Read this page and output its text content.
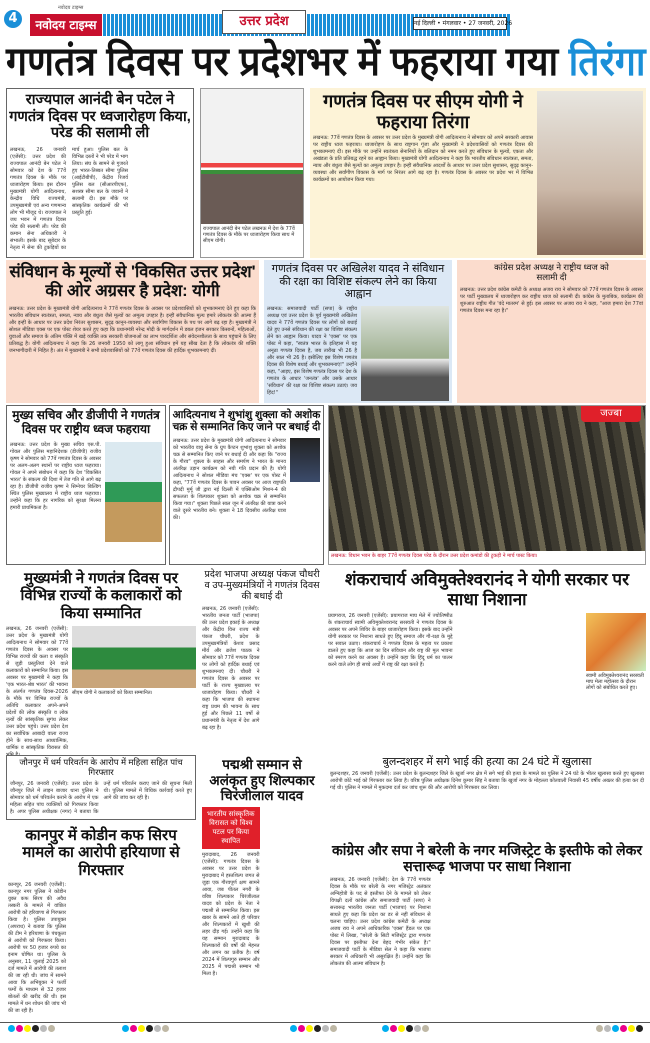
4
नवोदय टाइम्स
नवोदय टाइम्स	उत्तर प्रदेश	नई दिल्ली • मंगलवार • 27 जनवरी, 2026
गणतंत्र दिवस पर प्रदेशभर में फहराया गया तिरंगा
राज्यपाल आनंदी बेन पटेल ने गणतंत्र दिवस पर ध्वजारोहण किया, परेड की सलामी ली
लखनऊ, 26 जनवरी (एजेंसी): उत्तर प्रदेश की राज्यपाल आनंदी बेन पटेल ने सोमवार को देश के 77वें गणतंत्र दिवस के मौके पर ध्वजारोहण किया। इस दौरान मुख्यमंत्री योगी आदित्यनाथ, केन्द्रीय विधि राज्यमंत्री, उपमुख्यमंत्री एवं अन्य गणमान्य लोग भी मौजूद थे। राज्यपाल ने जय भवन में गणतंत्र दिवस परेड की सलामी ली। परेड की कमान सेना अधिकारी ने संभाली। इसके बाद सूबेदार के नेतृत्व में सेना की टुकड़ियों का मार्च हुआ। पुलिस बल के विभिन्न दस्तों ने भी परेड में भाग लिया। संघ के सामने से गुजरते हुए भारत-तिब्बत सीमा पुलिस (आईटीबीपी), केंद्रीय रिजर्व पुलिस बल (सीआरपीएफ), सशस्त्र सीमा बल के जवानों ने सलामी दी। इस मौके पर सांस्कृतिक कार्यक्रमों की भी प्रस्तुति हुई।
राज्यपाल आनंदी बेन पटेल लखनऊ में देश के 77वें गणतंत्र दिवस के मौके पर ध्वजारोहण किया साथ में सीएम योगी।
गणतंत्र दिवस पर सीएम योगी ने फहराया तिरंगा
लखनऊ: 77वें गणतंत्र दिवस के अवसर पर उत्तर प्रदेश के मुख्यमंत्री योगी आदित्यनाथ ने सोमवार को अपने सरकारी आवास पर राष्ट्रीय ध्वज फहराया। ध्वजारोहण के साथ राष्ट्रगान गूंजा और मुख्यमंत्री ने प्रदेशवासियों को गणतंत्र दिवस की शुभकामनाएं दीं। इस मौके पर उन्होंने स्वतंत्रता सेनानियों के बलिदान को नमन करते हुए संविधान के मूल्यों, एकता और अखंडता के प्रति प्रतिबद्ध रहने का आह्वान किया। मुख्यमंत्री योगी आदित्यनाथ ने कहा कि भारतीय संविधान स्वतंत्रता, समता, न्याय और बंधुता जैसे मूल्यों का अमूल्य उपहार है। इन्हीं संवैधानिक आदर्शों के आधार पर उत्तर प्रदेश सुशासन, सुदृढ़ कानून-व्यवस्था और सर्वांगीण विकास के मार्ग पर निरंतर आगे बढ़ रहा है। गणतंत्र दिवस के अवसर पर प्रदेश भर में विभिन्न कार्यक्रमों का आयोजन किया गया।
संविधान के मूल्यों से 'विकसित उत्तर प्रदेश' की ओर अग्रसर है प्रदेश: योगी
लखनऊ: उत्तर प्रदेश के मुख्यमंत्री योगी आदित्यनाथ ने 77वें गणतंत्र दिवस के अवसर पर प्रदेशवासियों को शुभकामनाएं देते हुए कहा कि भारतीय संविधान स्वतंत्रता, समता, न्याय और बंधुता जैसे मूल्यों का अमूल्य उपहार है। इन्हीं संवैधानिक मूल्य हमारे लोकतंत्र की आत्मा हैं और इन्हीं के आधार पर उत्तर प्रदेश निरंतर सुशासन, सुदृढ़ कानून-व्यवस्था और सर्वांगीण विकास के पथ पर आगे बढ़ रहा है। मुख्यमंत्री ने सोशल मीडिया एक्स पर एक पोस्ट शेयर करते हुए कहा कि प्रधानमंत्री नरेन्द्र मोदी के मार्गदर्शन में डबल इंजन सरकार किसानों, महिलाओं, युवाओं और समाज के अंतिम पंक्ति में खड़े व्यक्ति तक सरकारी योजनाओं का लाभ पारदर्शिता और संवेदनशीलता के साथ पहुंचाने के लिए प्रतिबद्ध है। योगी आदित्यनाथ ने कहा कि 26 जनवरी 1950 को लागू हुआ संविधान हमें यह सीख देता है कि लोकतंत्र की शक्ति जनभागीदारी में निहित है। अंत में मुख्यमंत्री ने सभी प्रदेशवासियों को 77वें गणतंत्र दिवस की हार्दिक शुभकामनाएं दीं।
गणतंत्र दिवस पर अखिलेश यादव ने संविधान की रक्षा का विशिष्ट संकल्प लेने का किया आह्वान
लखनऊ: समाजवादी पार्टी (सपा) के राष्ट्रीय अध्यक्ष एवं उत्तर प्रदेश के पूर्व मुख्यमंत्री अखिलेश यादव ने 77वें गणतंत्र दिवस पर लोगों को बधाई देते हुए उनसे संविधान की रक्षा का विशिष्ट संकल्प लेने का आह्वान किया। यादव ने 'एक्स' पर एक पोस्ट में कहा, "स्वतंत्र भारत के इतिहास में यह अनूठा गणतंत्र दिवस है, जब तारीख भी 26 है और साल भी 26 है। इसीलिए इस विशेष गणतंत्र दिवस की विशेष बधाई और शुभकामनाएं!" उन्होंने कहा, "आइए, इस विशेष गणतंत्र दिवस पर देश के गणतंत्र के आधार 'जनतंत्र' और उसके आधार 'संविधान' की रक्षा का विशिष्ट संकल्प उठाएं। जय हिंद!"
कांग्रेस प्रदेश अध्यक्ष ने राष्ट्रीय ध्वज को सलामी दी
लखनऊ: उत्तर प्रदेश कांग्रेस कमेटी के अध्यक्ष अजय राय ने सोमवार को 77वें गणतंत्र दिवस के अवसर पर पार्टी मुख्यालय में ध्वजारोहण कर राष्ट्रीय ध्वज को सलामी दी। कांग्रेस के मुताबिक, कार्यक्रम की शुरुआत राष्ट्रीय गीत 'वंदे मातरम' से हुई। इस अवसर पर अजय राय ने कहा, "आज हमारा देश 77वां गणतंत्र दिवस मना रहा है।"
मुख्य सचिव और डीजीपी ने गणतंत्र दिवस पर राष्ट्रीय ध्वज फहराया
लखनऊ: उत्तर प्रदेश के मुख्य सचिव एस.पी. गोयल और पुलिस महानिदेशक (डीजीपी) राजीव कृष्ण ने सोमवार को 77वें गणतंत्र दिवस के अवसर पर अलग-अलग स्थानों पर राष्ट्रीय ध्वज फहराया। गोयल ने अपने संबोधन में कहा कि देश 'विकसित भारत' के संकल्प की दिशा में तेज गति से आगे बढ़ रहा है। डीजीपी राजीव कृष्ण ने सिग्नेचर बिल्डिंग स्थित पुलिस मुख्यालय में राष्ट्रीय ध्वज फहराया। उन्होंने कहा कि हर नागरिक को सुरक्षा मिलना हमारी प्राथमिकता है।
आदित्यनाथ ने शुभांशु शुक्ला को अशोक चक्र से सम्मानित किए जाने पर बधाई दी
लखनऊ: उत्तर प्रदेश के मुख्यमंत्री योगी आदित्यनाथ ने सोमवार को भारतीय वायु सेना के ग्रुप कैप्टन शुभांशु शुक्ला को अशोक चक्र से सम्मानित किए जाने पर बधाई दी और कहा कि "राज्य के गौरव" शुक्ला के साहस और समर्पण ने भारत के मानव अंतरिक्ष उड़ान कार्यक्रम को नयी गति प्रदान की है। योगी आदित्यनाथ ने सोशल मीडिया मंच 'एक्स' पर एक पोस्ट में कहा, "77वें गणतंत्र दिवस के पावन अवसर पर आज राष्ट्रपति द्रौपदी मुर्मू जी द्वारा नई दिल्ली में एक्सिओम मिशन-4 की सफलता के शिल्पकार शुक्ला को अशोक चक्र से सम्मानित किया गया।" शुक्ला पिछले साल जून में अंतरिक्ष की यात्रा करने वाले दूसरे भारतीय बने। शुक्ला ने 18 दिवसीय अंतरिक्ष यात्रा की।
जज्बा
लखनऊ: विधान भवन के बाहर 77वें गणतंत्र दिवस परेड के दौरान उत्तर प्रदेश कमांडो की टुकड़ी ने मार्च पास्ट किया।
मुख्यमंत्री ने गणतंत्र दिवस पर विभिन्न राज्यों के कलाकारों को किया सम्मानित
लखनऊ, 26 जनवरी (एजेंसी): उत्तर प्रदेश के मुख्यमंत्री योगी आदित्यनाथ ने सोमवार को 77वें गणतंत्र दिवस के अवसर पर विभिन्न राज्यों की कला व संस्कृति से जुड़ी प्रस्तुतियां देने वाले कलाकारों को सम्मानित किया। इस अवसर पर मुख्यमंत्री ने कहा कि 'एक भारत-श्रेष्ठ भारत' की भावना के अंतर्गत गणतंत्र दिवस-2026 के मौके पर विभिन्न राज्यों के अतिथि कलाकार अपने-अपने प्रदेशों की लोक संस्कृति व लोक नृत्यों की सांस्कृतिक सुगंध लेकर उत्तर प्रदेश पहुंचे। उत्तर प्रदेश देश का सर्वाधिक आबादी वाला राज्य होने के साथ-साथ आध्यात्मिक, धार्मिक व सांस्कृतिक विरासत की
सीएम योगी ने कलाकारों को किया सम्मानित।
प्रदेश भाजपा अध्यक्ष पंकज चौधरी व उप-मुख्यमंत्रियों ने गणतंत्र दिवस की बधाई दी
लखनऊ, 26 जनवरी (एजेंसी): भारतीय जनता पार्टी (भाजपा) की उत्तर प्रदेश इकाई के अध्यक्ष और केंद्रीय वित्त राज्य मंत्री पंकज चौधरी, प्रदेश के उपमुख्यमंत्रियों केशव प्रसाद मौर्य और ब्रजेश पाठक ने सोमवार को 77वें गणतंत्र दिवस पर लोगों को हार्दिक बधाई एवं शुभकामनाएं दीं। चौधरी ने गणतंत्र दिवस के अवसर पर पार्टी के राज्य मुख्यालय पर ध्वजारोहण किया। चौधरी ने कहा कि भाजपा की स्थापना राष्ट्र प्रथम की भावना के साथ हुई और पिछले 11 वर्षों से प्रधानमंत्री के नेतृत्व में देश आगे बढ़ रहा है।
शंकराचार्य अविमुक्तेश्वरानंद ने योगी सरकार पर साधा निशाना
प्रयागराज, 26 जनवरी (एजेंसी): प्रयागराज माघ मेले में ज्योतिष्पीठ के शंकराचार्य स्वामी अविमुक्तेश्वरानंद सरस्वती ने गणतंत्र दिवस के अवसर पर अपने शिविर के बाहर ध्वजारोहण किया। इसके बाद उन्होंने योगी सरकार पर निशाना साधते हुए हिंदू समाज और गौ-रक्षा के मुद्दे पर सवाल उठाए। शंकराचार्य ने गणतंत्र दिवस के महत्व पर प्रकाश डालते हुए कहा कि आज का दिन संविधान और राष्ट्र की मूल भावना को स्मरण करने का अवसर है। उन्होंने कहा कि हिंदू धर्म का पालन करने वाले लोग ही सच्चे अर्थों में राष्ट्र की रक्षा करते हैं।
स्वामी अविमुक्तेश्वरानंद सरस्वती माघ मेला महोत्सव के दौरान लोगों को संबोधित करते हुए।
जौनपुर में धर्म परिवर्तन के आरोप में महिला सहित पांच गिरफ्तार
जौनपुर, 26 जनवरी (एजेंसी): उत्तर प्रदेश के जौनपुर जिले में लाइन बाजार थाना पुलिस ने सोमवार को धर्म परिवर्तन कराने के आरोप में एक महिला सहित पांच व्यक्तियों को गिरफ्तार किया है। अपर पुलिस अधीक्षक (नगर) ने बताया कि उन्हें धर्म परिवर्तन कराए जाने की सूचना मिली थी। पुलिस मामले में विधिक कार्रवाई करते हुए आगे की जांच कर रही है।
कानपुर में कोडीन कफ सिरप मामले का आरोपी हरियाणा से गिरफ्तार
कानपुर, 26 जनवरी (एजेंसी): कानपुर नगर पुलिस ने कोडीन युक्त कफ सिरप की अवैध तस्करी के मामले में वांछित आरोपी को हरियाणा से गिरफ्तार किया है। पुलिस उपायुक्त (अपराध) ने बताया कि पुलिस की टीम ने हरियाणा के पंचकूला से आरोपी को गिरफ्तार किया। आरोपी पर 50 हजार रुपये का इनाम घोषित था। पुलिस के अनुसार, 11 जुलाई 2025 को दर्ज मामले में आरोपी की तलाश की जा रही थी। जांच में सामने आया कि अभियुक्त ने फर्जी फर्मों के माध्यम से 32 हजार बोतलों की खरीद की थी। इस मामले में धन शोधन की जांच भी की जा रही है।
पद्मश्री सम्मान से अलंकृत हुए शिल्पकार चिरंजीलाल यादव
भारतीय सांस्कृतिक विरासत को विश्व पटल पर किया स्थापित
मुरादाबाद, 26 जनवरी (एजेंसी): गणतंत्र दिवस के अवसर पर उत्तर प्रदेश के मुरादाबाद में हस्तशिल्प जगत से जुड़ा एक गौरवपूर्ण क्षण सामने आया, जब पीतल नगरी के वरिष्ठ शिल्पकार चिरंजीलाल यादव को प्रदेश के नेता ने पद्मश्री से सम्मानित किया। इस खबर के सामने आते ही परिवार और शिल्पकारों में खुशी की लहर दौड़ गई। उन्होंने कहा कि यह सम्मान मुरादाबाद के शिल्पकारों की वर्षों की मेहनत और लगन का प्रतीक है। वर्ष 2024 में शिल्पगुरु सम्मान और 2025 में पद्मश्री सम्मान भी मिला है।
बुलन्दशहर में सगे भाई की हत्या का 24 घंटे में खुलासा
बुलन्दशहर, 26 जनवरी (एजेंसी): उत्तर प्रदेश के बुलन्दशहर जिले के खुर्जा नगर क्षेत्र में सगे भाई की हत्या के मामले का पुलिस ने 24 घंटे के भीतर खुलासा करते हुए खुलासा आरोपी छोटे भाई को गिरफ्तार कर लिया है। वरिष्ठ पुलिस अधीक्षक दिनेश कुमार सिंह ने बताया कि खुर्जा नगर के मोहल्ला कोतवाली निवासी 45 वर्षीय अख्तर की हत्या कर दी गई थी। पुलिस ने मामले में मुकदमा दर्ज कर जांच शुरू की और आरोपी को गिरफ्तार कर लिया।
कांग्रेस और सपा ने बरेली के नगर मजिस्ट्रेट के इस्तीफे को लेकर सत्तारूढ़ भाजपा पर साधा निशाना
लखनऊ, 26 जनवरी (एजेंसी): देश के 77वें गणतंत्र दिवस के मौके पर बरेली के नगर मजिस्ट्रेट अलंकार अग्निहोत्री के पद से इस्तीफा देने के मामले को लेकर विपक्षी दलों कांग्रेस और समाजवादी पार्टी (सपा) ने सत्तारूढ़ भारतीय जनता पार्टी (भाजपा) पर निशाना साधते हुए कहा कि प्रदेश का डर से नहीं संविधान से चलना चाहिए। उत्तर प्रदेश कांग्रेस कमेटी के अध्यक्ष अजय राय ने अपने आधिकारिक 'एक्स' हैंडल पर एक पोस्ट में लिखा, "बरेली के सिटी मजिस्ट्रेट द्वारा गणतंत्र दिवस पर इस्तीफा देना बेहद गंभीर संकेत है।" समाजवादी पार्टी के मीडिया सेल ने कहा कि भाजपा सरकार में अधिकारी भी असुरक्षित हैं। उन्होंने कहा कि लोकतंत्र की आत्मा संविधान है।
